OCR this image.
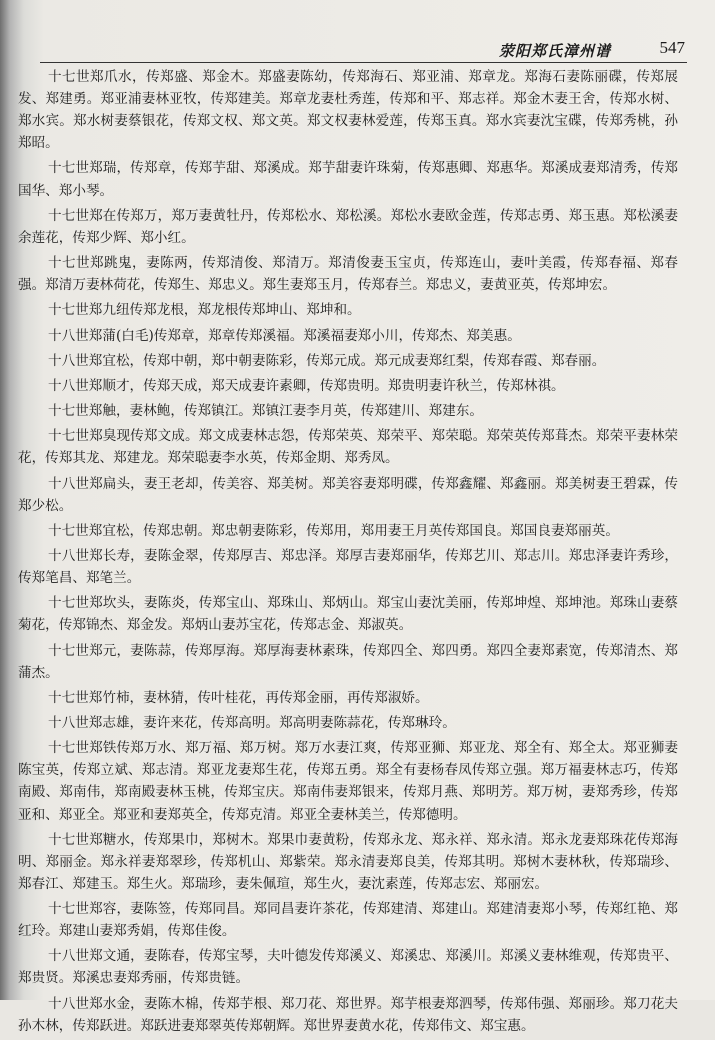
荥阳郑氏漳州谱	547

十七世郑爪水，传郑盛、郑金木。郑盛妻陈幼，传郑海石、郑亚浦、郑章龙。郑海石妻陈丽碟，传郑展发、郑建勇。郑亚浦妻林亚牧，传郑建美。郑章龙妻杜秀莲，传郑和平、郑志祥。郑金木妻王舍，传郑水树、郑水宾。郑水树妻蔡银花，传郑文权、郑文英。郑文权妻林爱莲，传郑玉真。郑水宾妻沈宝碟，传郑秀桃，孙郑昭。

十七世郑瑞，传郑章，传郑芋甜、郑溪成。郑芋甜妻许珠菊，传郑惠卿、郑惠华。郑溪成妻郑清秀，传郑国华、郑小琴。

十七世郑在传郑万，郑万妻黄牡丹，传郑松水、郑松溪。郑松水妻欧金莲，传郑志勇、郑玉惠。郑松溪妻余莲花，传郑少辉、郑小红。

十七世郑跳鬼，妻陈两，传郑清俊、郑清万。郑清俊妻玉宝贞，传郑连山，妻叶美霞，传郑春福、郑春强。郑清万妻林荷花，传郑生、郑忠义。郑生妻郑玉月，传郑春兰。郑忠义，妻黄亚英，传郑坤宏。

十七世郑九纽传郑龙根，郑龙根传郑坤山、郑坤和。

十八世郑蒲(白毛)传郑章，郑章传郑溪福。郑溪福妻郑小川，传郑杰、郑美惠。

十八世郑宜松，传郑中朝，郑中朝妻陈彩，传郑元成。郑元成妻郑红梨，传郑春霞、郑春丽。

十八世郑顺才，传郑天成，郑天成妻许素卿，传郑贵明。郑贵明妻许秋兰，传郑林祺。

十七世郑触，妻林鲍，传郑镇江。郑镇江妻李月英，传郑建川、郑建东。

十七世郑臭现传郑文成。郑文成妻林志怨，传郑荣英、郑荣平、郑荣聪。郑荣英传郑葺杰。郑荣平妻林荣花，传郑其龙、郑建龙。郑荣聪妻李水英，传郑金期、郑秀凤。

十八世郑扁头，妻王老却，传美容、郑美树。郑美容妻郑明碟，传郑鑫耀、郑鑫丽。郑美树妻王碧霖，传郑少松。

十七世郑宜松，传郑忠朝。郑忠朝妻陈彩，传郑用，郑用妻王月英传郑国良。郑国良妻郑丽英。

十八世郑长寿，妻陈金翠，传郑厚吉、郑忠泽。郑厚吉妻郑丽华，传郑艺川、郑志川。郑忠泽妻许秀珍，传郑笔昌、郑笔兰。

十七世郑坎头，妻陈炎，传郑宝山、郑珠山、郑炳山。郑宝山妻沈美丽，传郑坤煌、郑坤池。郑珠山妻蔡菊花，传郑锦杰、郑金发。郑炳山妻苏宝花，传郑志金、郑淑英。

十七世郑元，妻陈蒜，传郑厚海。郑厚海妻林素珠，传郑四全、郑四勇。郑四全妻郑素宽，传郑清杰、郑蒲杰。

十七世郑竹柿，妻林猜，传叶桂花，再传郑金丽，再传郑淑娇。

十八世郑志雄，妻许来花，传郑高明。郑高明妻陈蒜花，传郑琳玲。

十七世郑铁传郑万水、郑万福、郑万树。郑万水妻江爽，传郑亚狮、郑亚龙、郑全有、郑全太。郑亚狮妻陈宝英，传郑立斌、郑志清。郑亚龙妻郑生花，传郑五勇。郑全有妻杨春凤传郑立强。郑万福妻林志巧，传郑南殿、郑南伟，郑南殿妻林玉桃，传郑宝庆。郑南伟妻郑银来，传郑月燕、郑明芳。郑万树，妻郑秀珍，传郑亚和、郑亚全。郑亚和妻郑英全，传郑克清。郑亚全妻林美兰，传郑德明。

十七世郑糖水，传郑果巾，郑树木。郑果巾妻黄粉，传郑永龙、郑永祥、郑永清。郑永龙妻郑珠花传郑海明、郑丽金。郑永祥妻郑翠珍，传郑机山、郑紫荣。郑永清妻郑良美，传郑其明。郑树木妻林秋，传郑瑞珍、郑春江、郑建玉。郑生火。郑瑞珍，妻朱佩瑄，郑生火，妻沈素莲，传郑志宏、郑丽宏。

十七世郑容，妻陈签，传郑同昌。郑同昌妻许茶花，传郑建清、郑建山。郑建清妻郑小琴，传郑红艳、郑红玲。郑建山妻郑秀娟，传郑佳俊。

十八世郑文通，妻陈春，传郑宝琴，夫叶德发传郑溪义、郑溪忠、郑溪川。郑溪义妻林维观，传郑贵平、郑贵贤。郑溪忠妻郑秀丽，传郑贵链。

十八世郑水金，妻陈木棉，传郑芋根、郑刀花、郑世界。郑芋根妻郑泗琴，传郑伟强、郑丽珍。郑刀花夫孙木林，传郑跃进。郑跃进妻郑翠英传郑朝辉。郑世界妻黄水花，传郑伟文、郑宝惠。
